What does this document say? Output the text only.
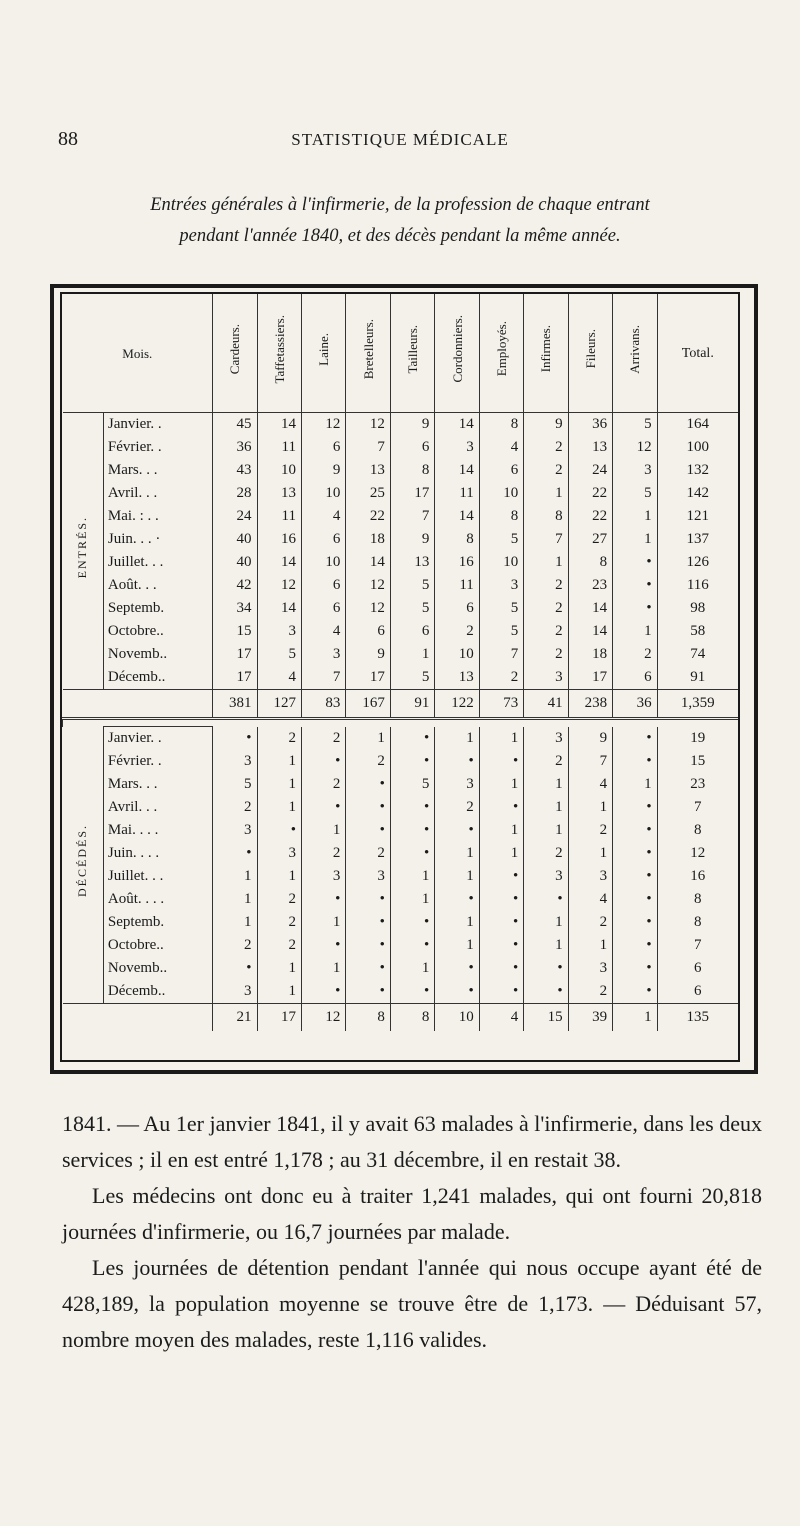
88	STATISTIQUE MÉDICALE
Entrées générales à l'infirmerie, de la profession de chaque entrant
pendant l'année 1840, et des décès pendant la même année.
Mois.		Cardeurs.	Taffetassiers.	Laine.	Bretelleurs.	Tailleurs.	Cordonniers.	Employés.	Infirmes.	Fileurs.	Arrivans.	Total.
ENTRÉS.	Janvier. .	45	14	12	12	9	14	8	9	36	5	164
	Février. .	36	11	6	7	6	3	4	2	13	12	100
	Mars. . .	43	10	9	13	8	14	6	2	24	3	132
	Avril. . .	28	13	10	25	17	11	10	1	22	5	142
	Mai. : . .	24	11	4	22	7	14	8	8	22	1	121
	Juin. . . ·	40	16	6	18	9	8	5	7	27	1	137
	Juillet. . .	40	14	10	14	13	16	10	1	8	•	126
	Août. . .	42	12	6	12	5	11	3	2	23	•	116
	Septemb.	34	14	6	12	5	6	5	2	14	•	98
	Octobre..	15	3	4	6	6	2	5	2	14	1	58
	Novemb..	17	5	3	9	1	10	7	2	18	2	74
	Décemb..	17	4	7	17	5	13	2	3	17	6	91
		381	127	83	167	91	122	73	41	238	36	1,359

DÉCÉDÉS.	Janvier. .	•	2	2	1	•	1	1	3	9	•	19
	Février. .	3	1	•	2	•	•	•	2	7	•	15
	Mars. . .	5	1	2	•	5	3	1	1	4	1	23
	Avril. . .	2	1	•	•	•	2	•	1	1	•	7
	Mai. . . .	3	•	1	•	•	•	1	1	2	•	8
	Juin. . . .	•	3	2	2	•	1	1	2	1	•	12
	Juillet. . .	1	1	3	3	1	1	•	3	3	•	16
	Août. . . .	1	2	•	•	1	•	•	•	4	•	8
	Septemb.	1	2	1	•	•	1	•	1	2	•	8
	Octobre..	2	2	•	•	•	1	•	1	1	•	7
	Novemb..	•	1	1	•	1	•	•	•	3	•	6
	Décemb..	3	1	•	•	•	•	•	•	2	•	6
		21	17	12	8	8	10	4	15	39	1	135

1841. — Au 1er janvier 1841, il y avait 63 malades à l'infirmerie, dans les deux services ; il en est entré 1,178 ; au 31 décembre, il en restait 38.

Les médecins ont donc eu à traiter 1,241 malades, qui ont fourni 20,818 journées d'infirmerie, ou 16,7 journées par malade.

Les journées de détention pendant l'année qui nous occupe ayant été de 428,189, la population moyenne se trouve être de 1,173. — Déduisant 57, nombre moyen des malades, reste 1,116 valides.
